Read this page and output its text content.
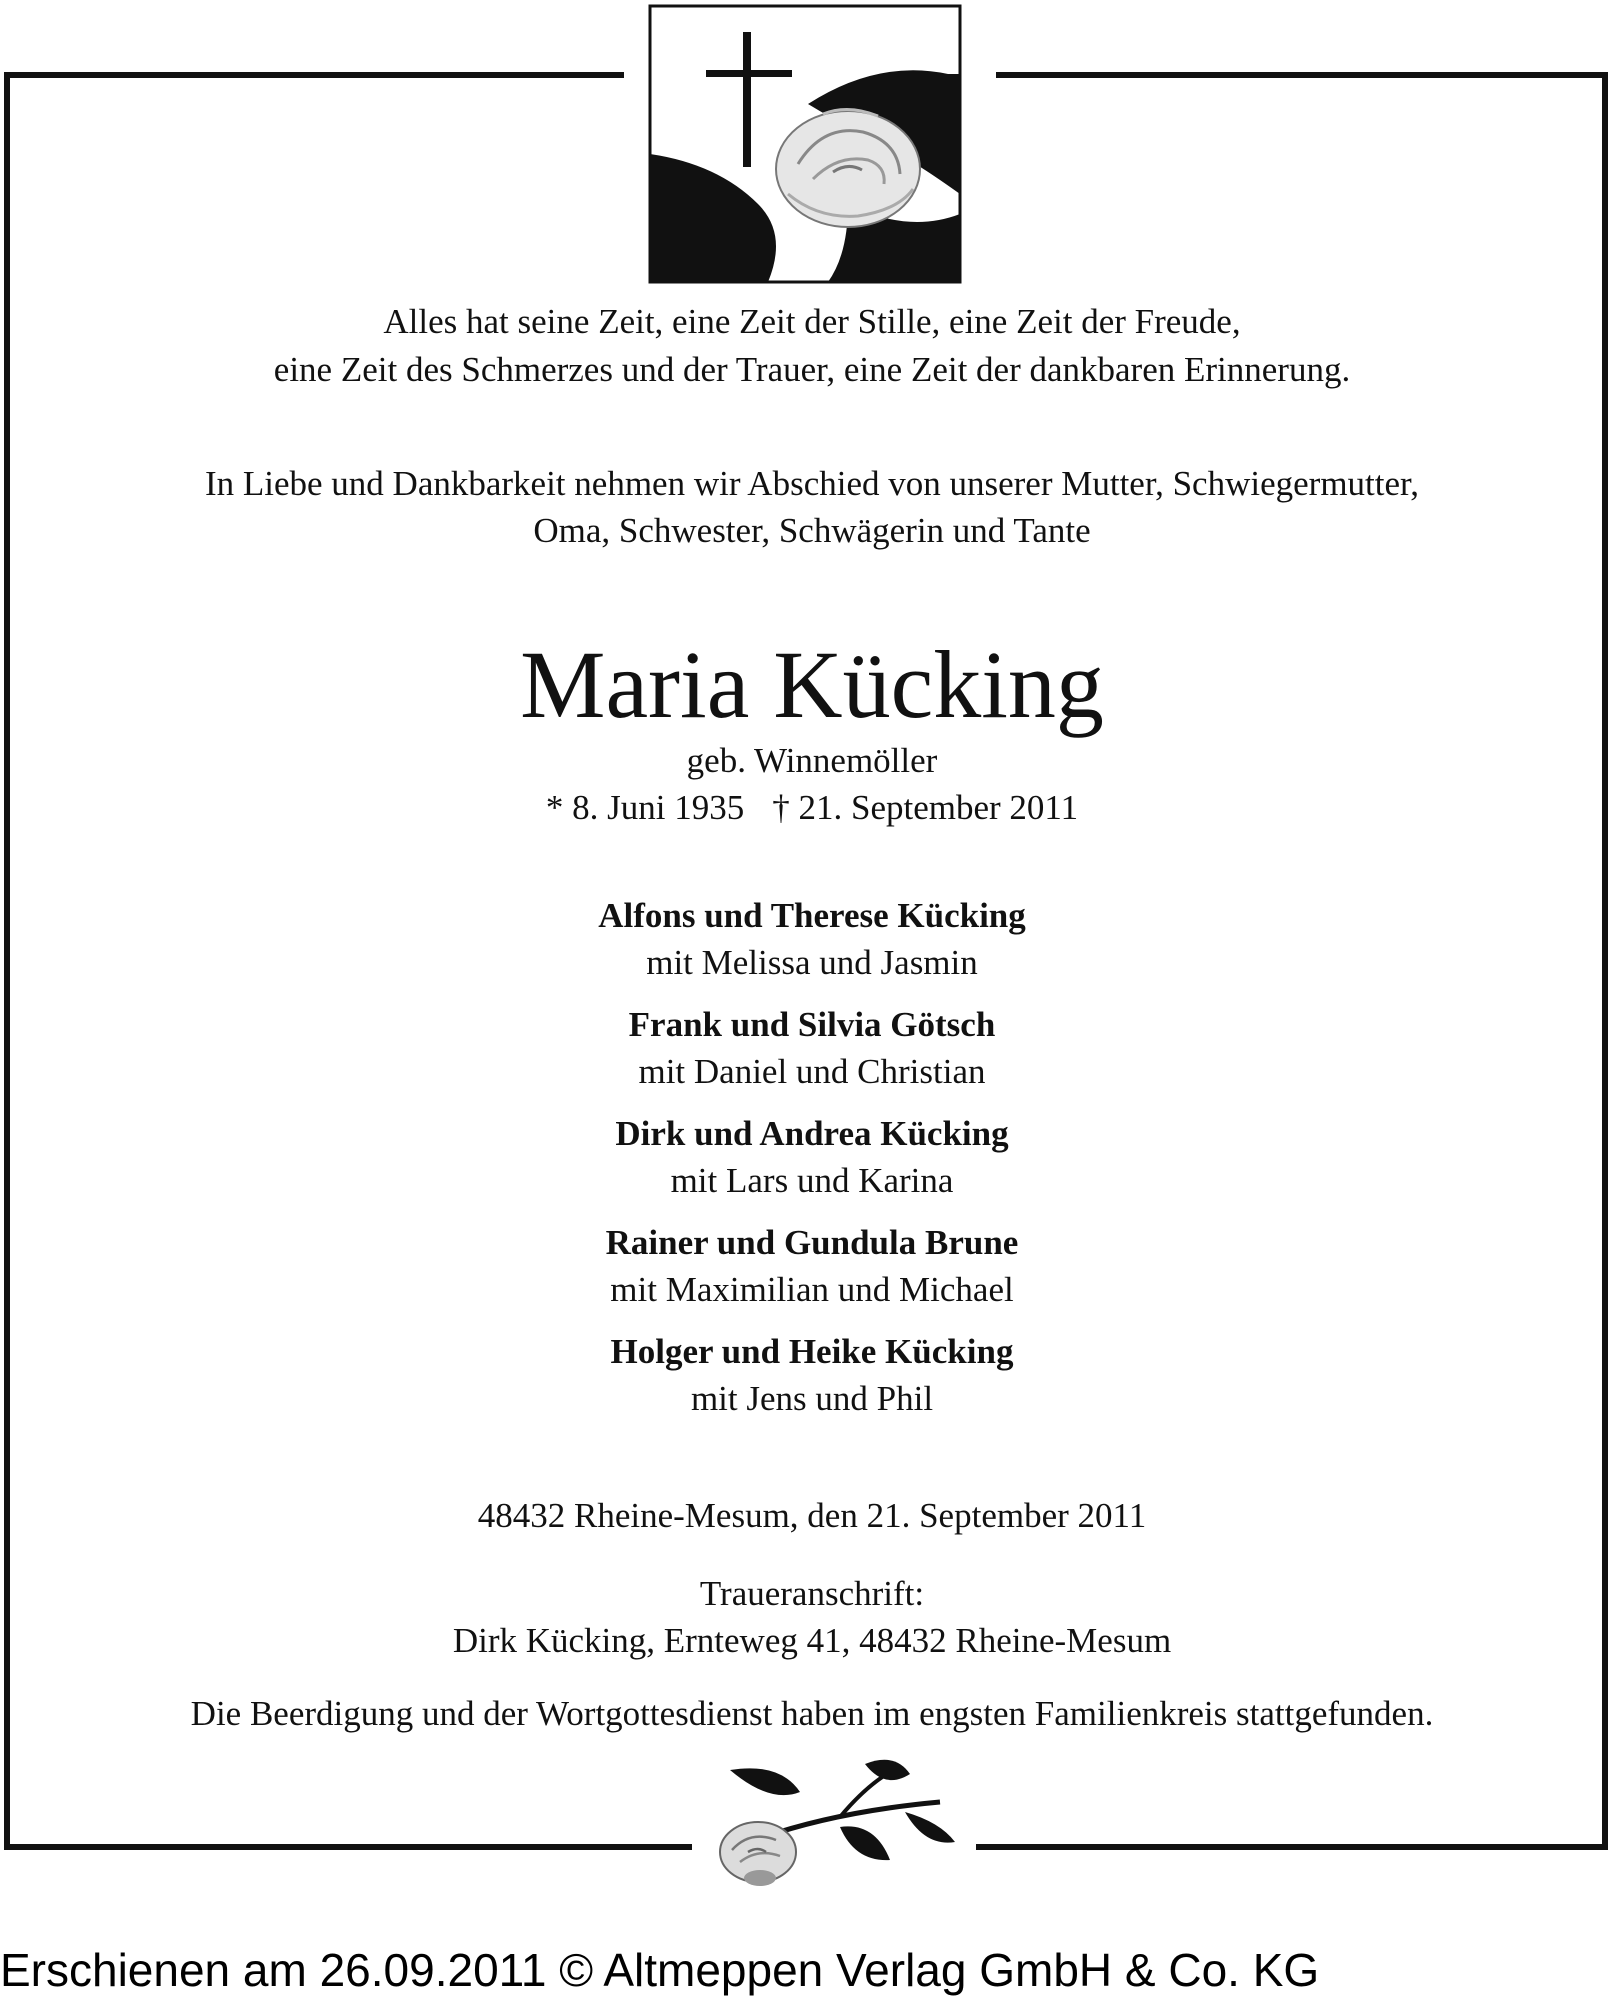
Alles hat seine Zeit, eine Zeit der Stille, eine Zeit der Freude,
eine Zeit des Schmerzes und der Trauer, eine Zeit der dankbaren Erinnerung.
In Liebe und Dankbarkeit nehmen wir Abschied von unserer Mutter, Schwiegermutter,
Oma, Schwester, Schwägerin und Tante
Maria Kücking
geb. Winnemöller
* 8. Juni 1935 † 21. September 2011
Alfons und Therese Kücking
mit Melissa und Jasmin
Frank und Silvia Götsch
mit Daniel und Christian
Dirk und Andrea Kücking
mit Lars und Karina
Rainer und Gundula Brune
mit Maximilian und Michael
Holger und Heike Kücking
mit Jens und Phil
48432 Rheine-Mesum, den 21. September 2011
Traueranschrift:
Dirk Kücking, Ernteweg 41, 48432 Rheine-Mesum
Die Beerdigung und der Wortgottesdienst haben im engsten Familienkreis stattgefunden.
Erschienen am 26.09.2011 © Altmeppen Verlag GmbH & Co. KG
